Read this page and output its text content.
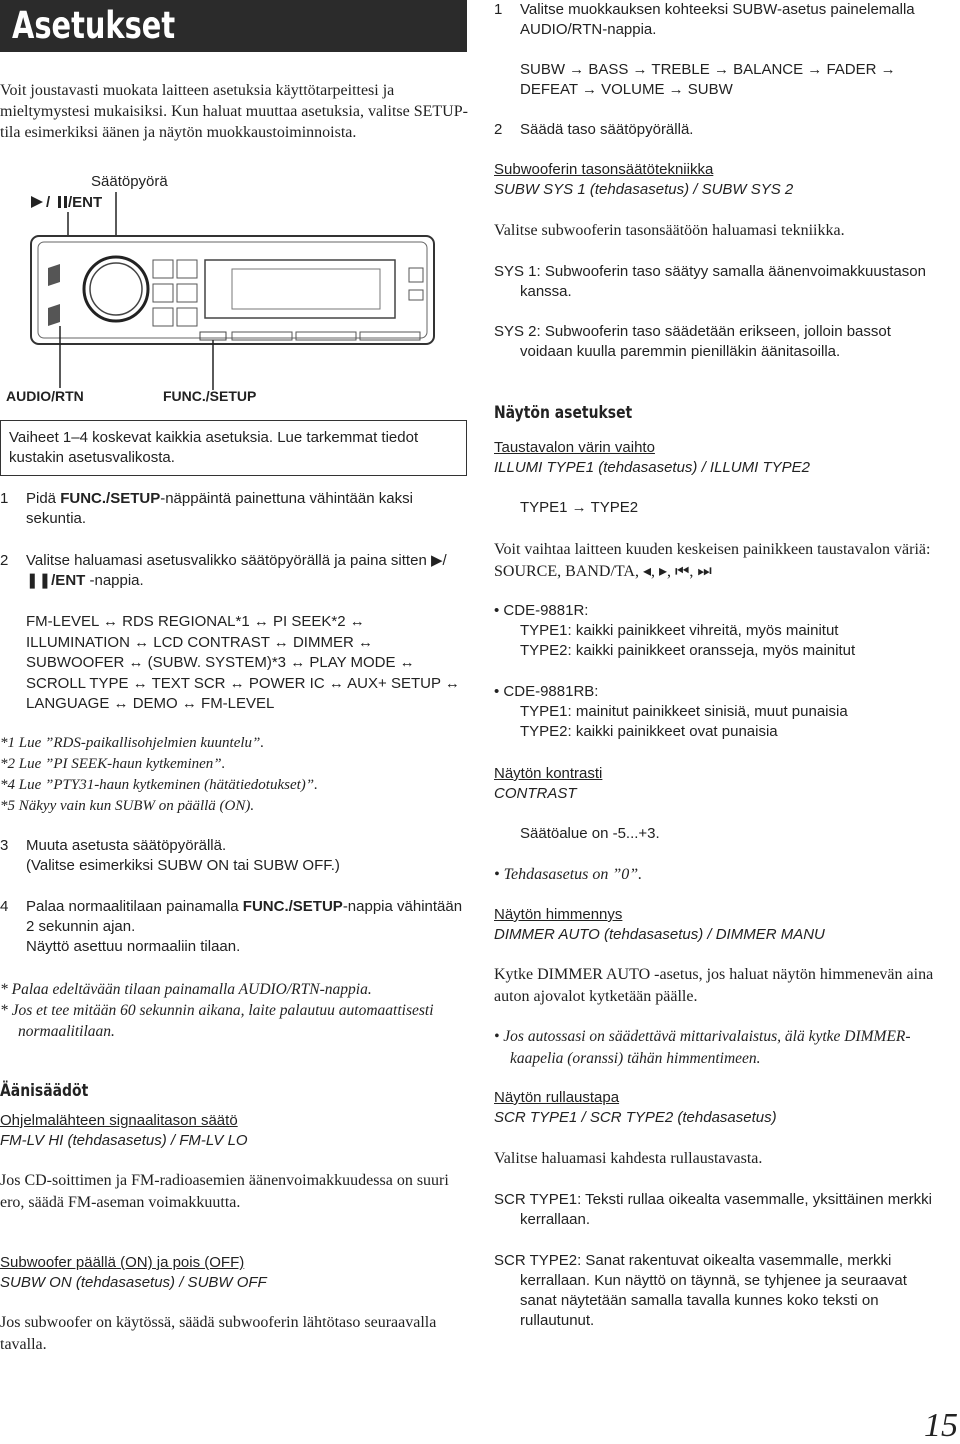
Asetukset
Voit joustavasti muokata laitteen asetuksia käyttötarpeittesi ja mieltymystesi mukaisiksi. Kun haluat muuttaa asetuksia, valitse SETUP-tila esimerkiksi äänen ja näytön muokkaustoiminnoista.
Säätöpyörä
/ /ENT
AUDIO/RTN	FUNC./SETUP
Vaiheet 1–4 koskevat kaikkia asetuksia. Lue tarkemmat tiedot kustakin asetusvalikosta.
1 Pidä FUNC./SETUP-näppäintä painettuna vähintään kaksi sekuntia.
2 Valitse haluamasi asetusvalikko säätöpyörällä ja paina sitten ▶/❚❚/ENT -nappia.
FM-LEVEL ↔ RDS REGIONAL*1 ↔ PI SEEK*2 ↔ ILLUMINATION ↔ LCD CONTRAST ↔ DIMMER ↔ SUBWOOFER ↔ (SUBW. SYSTEM)*3 ↔ PLAY MODE ↔ SCROLL TYPE ↔ TEXT SCR ↔ POWER IC ↔ AUX+ SETUP ↔ LANGUAGE ↔ DEMO ↔ FM-LEVEL
*1 Lue ”RDS-paikallisohjelmien kuuntelu”.
*2 Lue ”PI SEEK-haun kytkeminen”.
*4 Lue ”PTY31-haun kytkeminen (hätätiedotukset)”.
*5 Näkyy vain kun SUBW on päällä (ON).
3 Muuta asetusta säätöpyörällä.
(Valitse esimerkiksi SUBW ON tai SUBW OFF.)
4 Palaa normaalitilaan painamalla FUNC./SETUP-nappia vähintään 2 sekunnin ajan.
Näyttö asettuu normaaliin tilaan.
* Palaa edeltävään tilaan painamalla AUDIO/RTN-nappia.
* Jos et tee mitään 60 sekunnin aikana, laite palautuu automaattisesti normaalitilaan.
Äänisäädöt
Ohjelmalähteen signaalitason säätö
FM-LV HI (tehdasasetus) / FM-LV LO
Jos CD-soittimen ja FM-radioasemien äänenvoimakkuudessa on suuri ero, säädä FM-aseman voimakkuutta.
Subwoofer päällä (ON) ja pois (OFF)
SUBW ON (tehdasasetus) / SUBW OFF
Jos subwoofer on käytössä, säädä subwooferin lähtötaso seuraavalla tavalla.
1 Valitse muokkauksen kohteeksi SUBW-asetus painelemalla AUDIO/RTN-nappia.
SUBW → BASS → TREBLE → BALANCE → FADER → DEFEAT → VOLUME → SUBW
2 Säädä taso säätöpyörällä.
Subwooferin tasonsäätötekniikka
SUBW SYS 1 (tehdasasetus) / SUBW SYS 2
Valitse subwooferin tasonsäätöön haluamasi tekniikka.
SYS 1: Subwooferin taso säätyy samalla äänenvoimakkuustason kanssa.
SYS 2: Subwooferin taso säädetään erikseen, jolloin bassot voidaan kuulla paremmin pienilläkin äänitasoilla.
Näytön asetukset
Taustavalon värin vaihto
ILLUMI TYPE1 (tehdasasetus) / ILLUMI TYPE2
TYPE1 → TYPE2
Voit vaihtaa laitteen kuuden keskeisen painikkeen taustavalon väriä: SOURCE, BAND/TA, ◂, ▸, ⏮, ⏭
• CDE-9881R:
TYPE1: kaikki painikkeet vihreitä, myös mainitut
TYPE2: kaikki painikkeet oransseja, myös mainitut
• CDE-9881RB:
TYPE1: mainitut painikkeet sinisiä, muut punaisia
TYPE2: kaikki painikkeet ovat punaisia
Näytön kontrasti
CONTRAST
Säätöalue on -5...+3.
• Tehdasasetus on ”0”.
Näytön himmennys
DIMMER AUTO (tehdasasetus) / DIMMER MANU
Kytke DIMMER AUTO -asetus, jos haluat näytön himmenevän aina auton ajovalot kytketään päälle.
• Jos autossasi on säädettävä mittarivalaistus, älä kytke DIMMER-kaapelia (oranssi) tähän himmentimeen.
Näytön rullaustapa
SCR TYPE1 / SCR TYPE2 (tehdasasetus)
Valitse haluamasi kahdesta rullaustavasta.
SCR TYPE1: Teksti rullaa oikealta vasemmalle, yksittäinen merkki kerrallaan.
SCR TYPE2: Sanat rakentuvat oikealta vasemmalle, merkki kerrallaan. Kun näyttö on täynnä, se tyhjenee ja seuraavat sanat näytetään samalla tavalla kunnes koko teksti on rullautunut.
15
